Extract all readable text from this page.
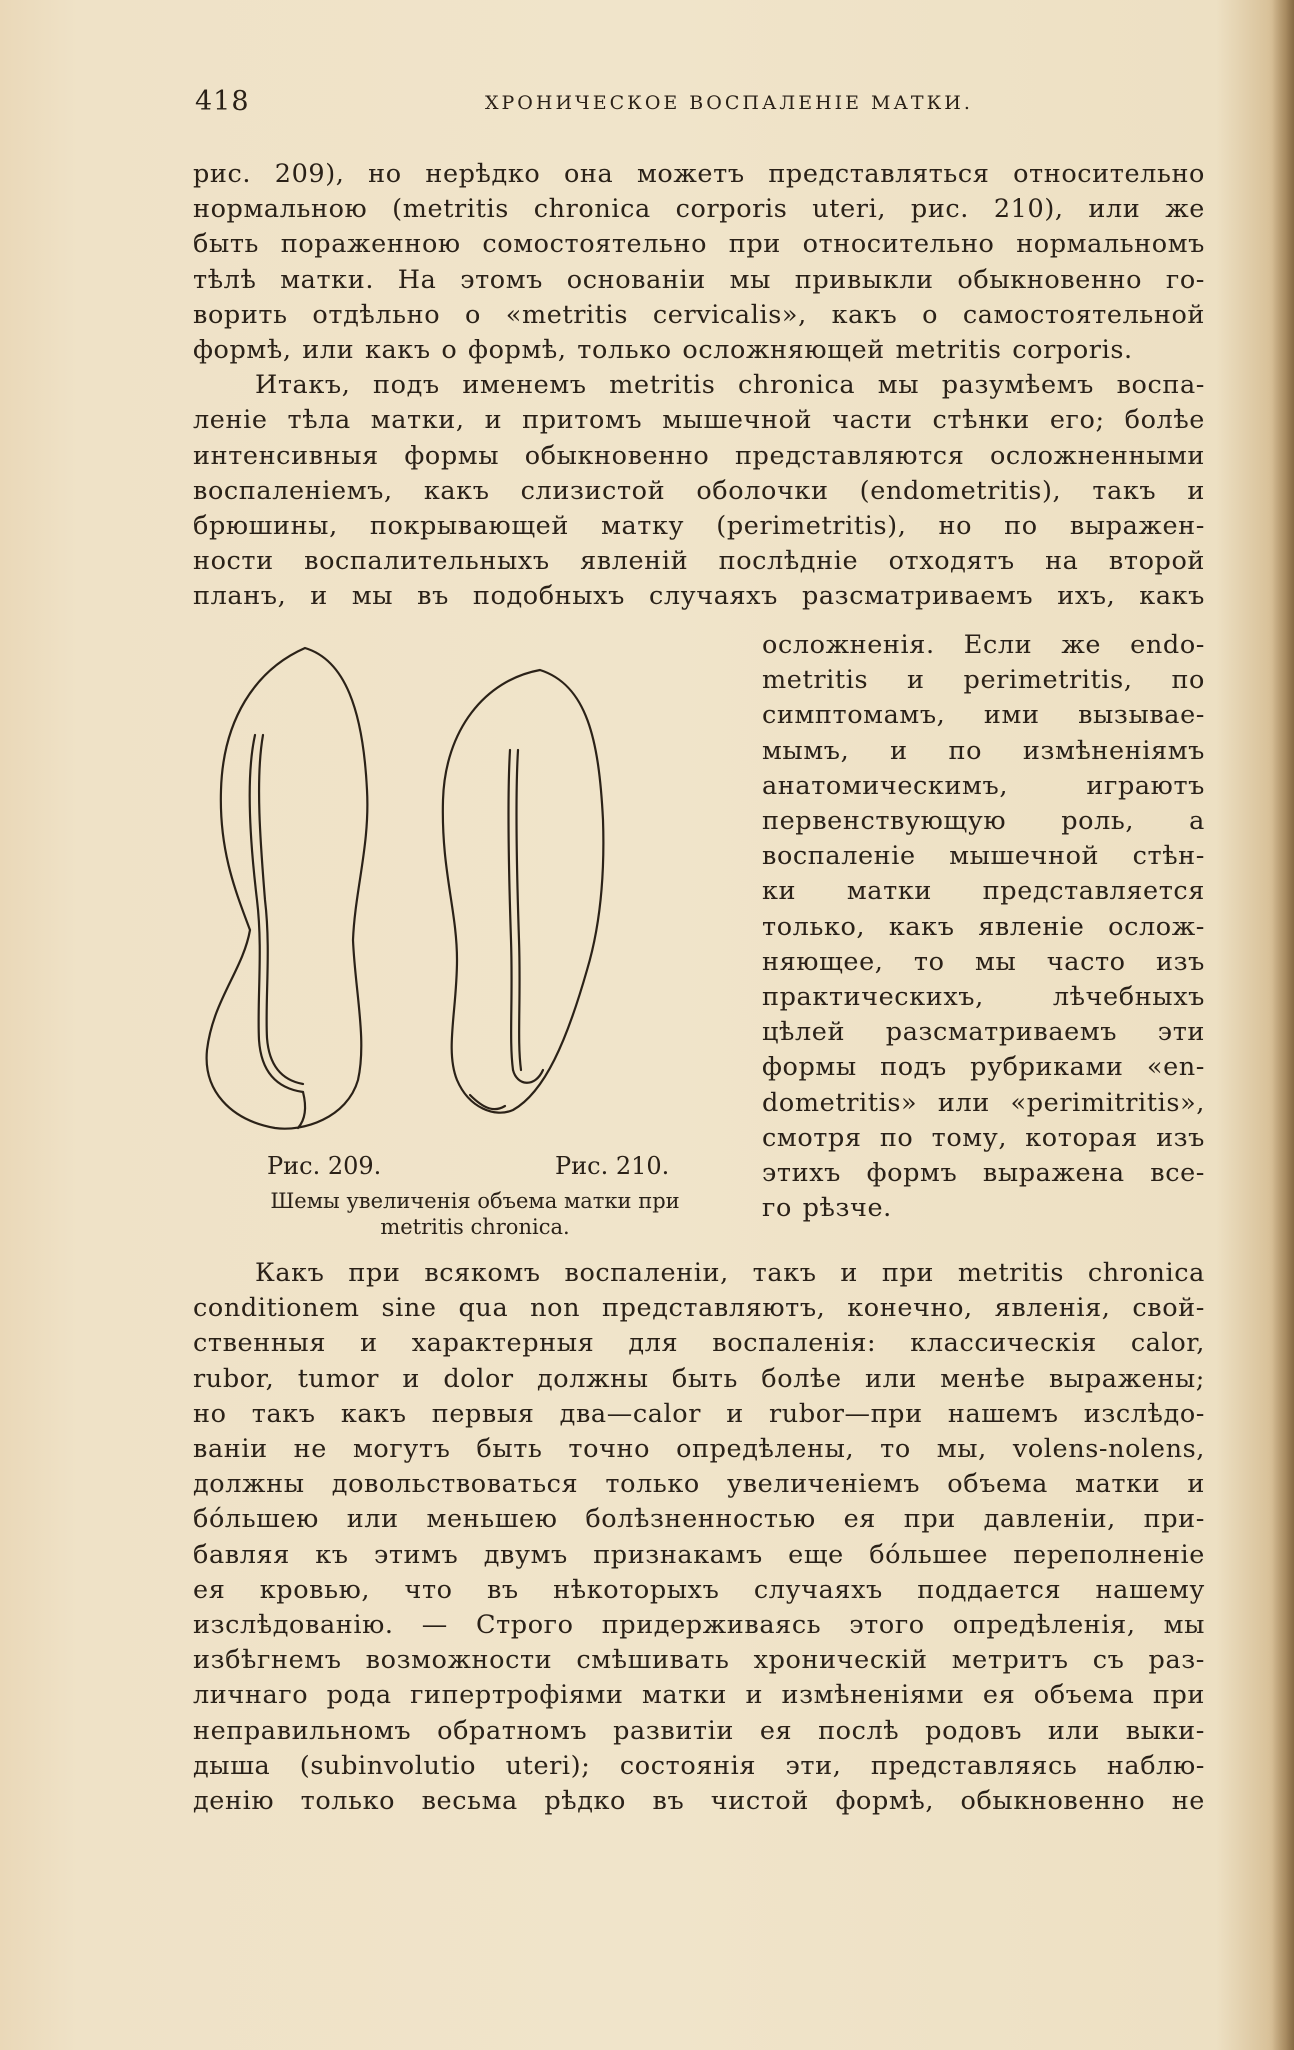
418	ХРОНИЧЕСКОЕ ВОСПАЛЕНІЕ МАТКИ.

рис. 209), но нерѣдко она можетъ представляться относительно

нормальною (metritis chronica corporis uteri, рис. 210), или же

быть пораженною сомостоятельно при относительно нормальномъ

тѣлѣ матки. На этомъ основаніи мы привыкли обыкновенно го-

ворить отдѣльно о «metritis cervicalis», какъ о самостоятельной

формѣ, или какъ о формѣ, только осложняющей metritis corporis.

Итакъ, подъ именемъ metritis chronica мы разумѣемъ воспа-

леніе тѣла матки, и притомъ мышечной части стѣнки его; болѣе

интенсивныя формы обыкновенно представляются осложненными

воспаленіемъ, какъ слизистой оболочки (endometritis), такъ и

брюшины, покрывающей матку (perimetritis), но по выражен-

ности воспалительныхъ явленій послѣдніе отходятъ на второй

планъ, и мы въ подобныхъ случаяхъ разсматриваемъ ихъ, какъ

Рис. 209.	Рис. 210.
Шемы увеличенія объема матки при
metritis chronica.

осложненія. Если же endo-

metritis и perimetritis, по

симптомамъ, ими вызывае-

мымъ, и по измѣненіямъ

анатомическимъ, играютъ

первенствующую роль, а

воспаленіе мышечной стѣн-

ки матки представляется

только, какъ явленіе ослож-

няющее, то мы часто изъ

практическихъ, лѣчебныхъ

цѣлей разсматриваемъ эти

формы подъ рубриками «en-

dometritis» или «perimitritis»,

смотря по тому, которая изъ

этихъ формъ выражена все-

го рѣзче.

Какъ при всякомъ воспаленіи, такъ и при metritis chronica

conditionem sine qua non представляютъ, конечно, явленія, свой-

ственныя и характерныя для воспаленія: классическія calor,

rubor, tumor и dolor должны быть болѣе или менѣе выражены;

но такъ какъ первыя два—calor и rubor—при нашемъ изслѣдо-

ваніи не могутъ быть точно опредѣлены, то мы, volens-nolens,

должны довольствоваться только увеличеніемъ объема матки и

бо́льшею или меньшею болѣзненностью ея при давленіи, при-

бавляя къ этимъ двумъ признакамъ еще бо́льшее переполненіе

ея кровью, что въ нѣкоторыхъ случаяхъ поддается нашему

изслѣдованію. — Строго придерживаясь этого опредѣленія, мы

избѣгнемъ возможности смѣшивать хроническій метритъ съ раз-

личнаго рода гипертрофіями матки и измѣненіями ея объема при

неправильномъ обратномъ развитіи ея послѣ родовъ или выки-

дыша (subinvolutio uteri); состоянія эти, представляясь наблю-

денію только весьма рѣдко въ чистой формѣ, обыкновенно не
